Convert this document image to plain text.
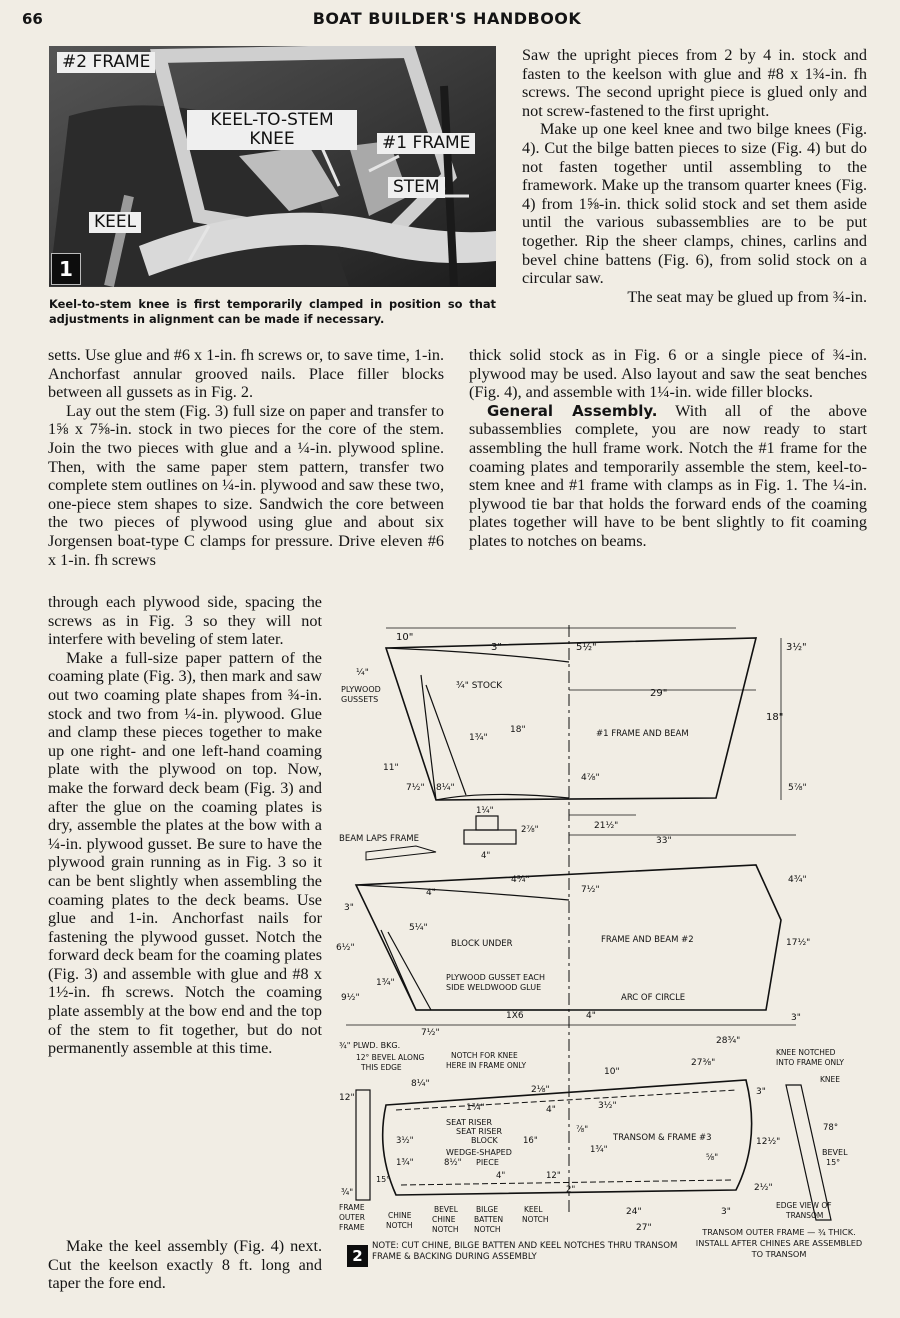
66	BOAT BUILDER'S HANDBOOK
#2 FRAME
KEEL-TO-STEM KNEE	#1 FRAME
STEM
KEEL
1
Keel-to-stem knee is first temporarily clamped in position so that adjustments in alignment can be made if necessary.

Saw the upright pieces from 2 by 4 in. stock and fasten to the keelson with glue and #8 x 1¾-in. fh screws. The second upright piece is glued only and not screw-fastened to the first upright.

Make up one keel knee and two bilge knees (Fig. 4). Cut the bilge batten pieces to size (Fig. 4) but do not fasten together until assembling to the framework. Make up the transom quarter knees (Fig. 4) from 1⅝-in. thick solid stock and set them aside until the various subassemblies are to be put together. Rip the sheer clamps, chines, carlins and bevel chine battens (Fig. 6), from solid stock on a circular saw.

The seat may be glued up from ¾-in.

setts. Use glue and #6 x 1-in. fh screws or, to save time, 1-in. Anchorfast annular grooved nails. Place filler blocks between all gussets as in Fig. 2.

Lay out the stem (Fig. 3) full size on paper and transfer to 1⅝ x 7⅝-in. stock in two pieces for the core of the stem. Join the two pieces with glue and a ¼-in. plywood spline. Then, with the same paper stem pattern, transfer two complete stem outlines on ¼-in. plywood and saw these two, one-piece stem shapes to size. Sandwich the core between the two pieces of plywood using glue and about six Jorgensen boat-type C clamps for pressure. Drive eleven #6 x 1-in. fh screws

thick solid stock as in Fig. 6 or a single piece of ¾-in. plywood may be used. Also layout and saw the seat benches (Fig. 4), and assemble with 1¼-in. wide filler blocks.

General Assembly. With all of the above subassemblies complete, you are now ready to start assembling the hull frame work. Notch the #1 frame for the coaming plates and temporarily assemble the stem, keel-to-stem knee and #1 frame with clamps as in Fig. 1. The ¼-in. plywood tie bar that holds the forward ends of the coaming plates together will have to be bent slightly to fit coaming plates to notches on beams.

through each plywood side, spacing the screws as in Fig. 3 so they will not interfere with beveling of stem later.

Make a full-size paper pattern of the coaming plate (Fig. 3), then mark and saw out two coaming plate shapes from ¾-in. stock and two from ¼-in. plywood. Glue and clamp these pieces together to make up one right- and one left-hand coaming plate with the plywood on top. Now, make the forward deck beam (Fig. 3) and after the glue on the coaming plates is dry, assemble the plates at the bow with a ¼-in. plywood gusset. Be sure to have the plywood grain running as in Fig. 3 so it can be bent slightly when assembling the coaming plates to the deck beams. Use glue and 1-in. Anchorfast nails for fastening the plywood gusset. Notch the forward deck beam for the coaming plates (Fig. 3) and assemble with glue and #8 x 1½-in. fh screws. Notch the coaming plate assembly at the bow end and the top of the stem to fit together, but do not permanently assemble at this time.

Make the keel assembly (Fig. 4) next. Cut the keelson exactly 8 ft. long and taper the fore end.

10"
3"	5½"	3½"
¾" STOCK
¼"
PLYWOOD
GUSSETS
18"
1¾"
29"
18"
11"
7½" 8¼"
4⅞"
5⅞"
21½"
33"
#1 FRAME AND BEAM
BEAM LAPS FRAME
1¼"
2⅞"
4"
3"
4"
4¾"
7½"
4¾"
5¼"
6½"	BLOCK UNDER	17½"
1¾"
PLYWOOD GUSSET EACH
SIDE WELDWOOD GLUE
9½"
1X6	4"
ARC OF CIRCLE
3"
7½"
¾" PLWD. BKG.
FRAME AND BEAM #2
28¾"
12° BEVEL ALONG
THIS EDGE
NOTCH FOR KNEE
HERE IN FRAME ONLY	27⅜"
10"
KNEE NOTCHED
INTO FRAME ONLY
KNEE
8¼"
2⅛"
12"
1¾"	3½"
4"
3"
SEAT RISER
SEAT RISER
BLOCK	16"
⅞"
1¾"
12½"
78°
3½"
WEDGE-SHAPED
PIECE
8½"
1¾"	⅝"
BEVEL
15°
4"	12"
15°
2"	2½"
¾"
FRAME
OUTER
FRAME
CHINE
NOTCH
BEVEL
CHINE
NOTCH
BILGE
BATTEN
NOTCH
KEEL
NOTCH
24"	3"
27"
EDGE VIEW OF
TRANSOM
TRANSOM & FRAME #3
2
NOTE: CUT CHINE, BILGE BATTEN AND KEEL NOTCHES THRU TRANSOM FRAME & BACKING DURING ASSEMBLY
TRANSOM OUTER FRAME — ¾ THICK. INSTALL AFTER CHINES ARE ASSEMBLED TO TRANSOM
